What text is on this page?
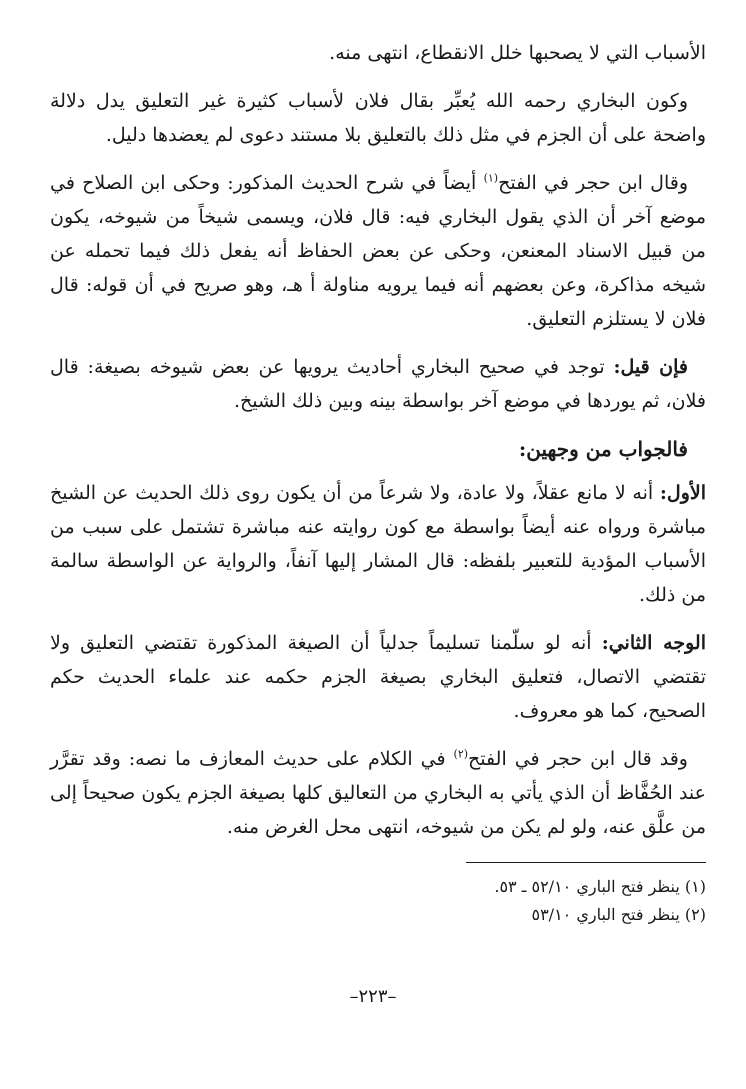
الأسباب التي لا يصحبها خلل الانقطاع، انتهى منه.

وكون البخاري رحمه الله يُعبِّر بقال فلان لأسباب كثيرة غير التعليق يدل دلالة واضحة على أن الجزم في مثل ذلك بالتعليق بلا مستند دعوى لم يعضدها دليل.

وقال ابن حجر في الفتح$^{(١)}$ أيضاً في شرح الحديث المذكور: وحكى ابن الصلاح في موضع آخر أن الذي يقول البخاري فيه: قال فلان، ويسمى شيخاً من شيوخه، يكون من قبيل الاسناد المعنعن، وحكى عن بعض الحفاظ أنه يفعل ذلك فيما تحمله عن شيخه مذاكرة، وعن بعضهم أنه فيما يرويه مناولة أ هـ، وهو صريح في أن قوله: قال فلان لا يستلزم التعليق.

فإن قيل: توجد في صحيح البخاري أحاديث يرويها عن بعض شيوخه بصيغة: قال فلان، ثم يوردها في موضع آخر بواسطة بينه وبين ذلك الشيخ.

فالجواب من وجهين:

الأول: أنه لا مانع عقلاً، ولا عادة، ولا شرعاً من أن يكون روى ذلك الحديث عن الشيخ مباشرة ورواه عنه أيضاً بواسطة مع كون روايته عنه مباشرة تشتمل على سبب من الأسباب المؤدية للتعبير بلفظه: قال المشار إليها آنفاً، والرواية عن الواسطة سالمة من ذلك.

الوجه الثاني: أنه لو سلّمنا تسليماً جدلياً أن الصيغة المذكورة تقتضي التعليق ولا تقتضي الاتصال، فتعليق البخاري بصيغة الجزم حكمه عند علماء الحديث حكم الصحيح، كما هو معروف.

وقد قال ابن حجر في الفتح$^{(٢)}$ في الكلام على حديث المعازف ما نصه: وقد تقرَّر عند الحُفَّاظ أن الذي يأتي به البخاري من التعاليق كلها بصيغة الجزم يكون صحيحاً إلى من علَّق عنه، ولو لم يكن من شيوخه، انتهى محل الغرض منه.

(١) ينظر فتح الباري ٥٢/١٠ ـ ٥٣.

(٢) ينظر فتح الباري ٥٣/١٠

–٢٢٣–
